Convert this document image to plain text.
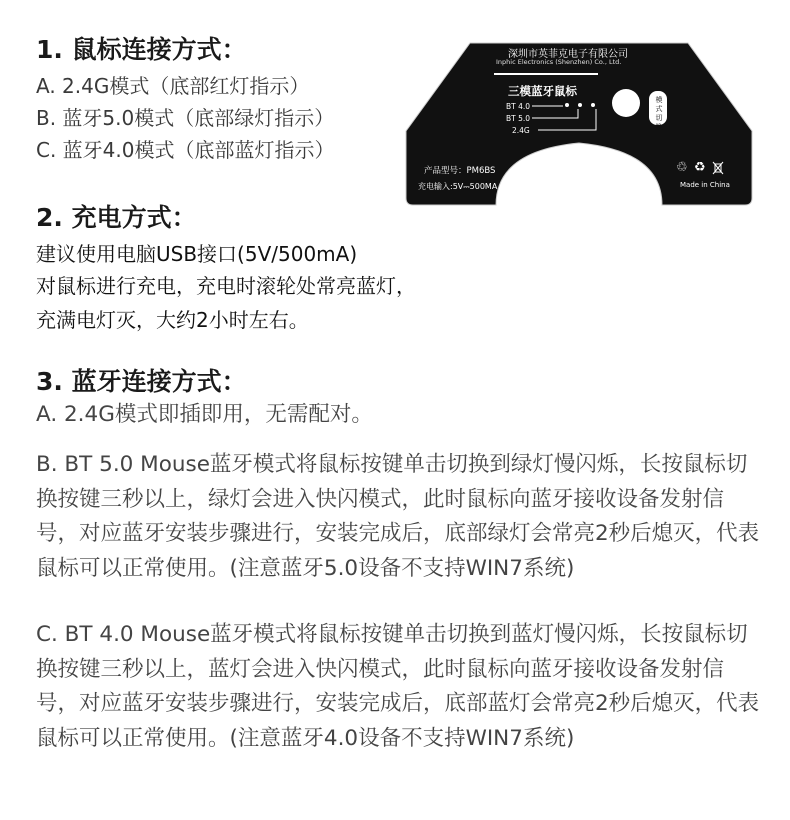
1. 鼠标连接方式：
A. 2.4G模式（底部红灯指示）
B. 蓝牙5.0模式（底部绿灯指示）
C. 蓝牙4.0模式（底部蓝灯指示）
深圳市英菲克电子有限公司
Inphic Electronics (Shenzhen) Co., Ltd.
三模蓝牙鼠标
BT 4.0
BT 5.0
2.4G
模式切换
产品型号：PM6BS
充电输入:5V⎓500MA
♲ ♻
Made in China
2. 充电方式：
建议使用电脑USB接口(5V/500mA)
对鼠标进行充电，充电时滚轮处常亮蓝灯，
充满电灯灭，大约2小时左右。
3. 蓝牙连接方式：
A. 2.4G模式即插即用，无需配对。
B. BT 5.0 Mouse蓝牙模式将鼠标按键单击切换到绿灯慢闪烁，长按鼠标切换按键三秒以上，绿灯会进入快闪模式，此时鼠标向蓝牙接收设备发射信号，对应蓝牙安装步骤进行，安装完成后，底部绿灯会常亮2秒后熄灭，代表鼠标可以正常使用。(注意蓝牙5.0设备不支持WIN7系统)
C. BT 4.0 Mouse蓝牙模式将鼠标按键单击切换到蓝灯慢闪烁，长按鼠标切换按键三秒以上，蓝灯会进入快闪模式，此时鼠标向蓝牙接收设备发射信号，对应蓝牙安装步骤进行，安装完成后，底部蓝灯会常亮2秒后熄灭，代表鼠标可以正常使用。(注意蓝牙4.0设备不支持WIN7系统)
